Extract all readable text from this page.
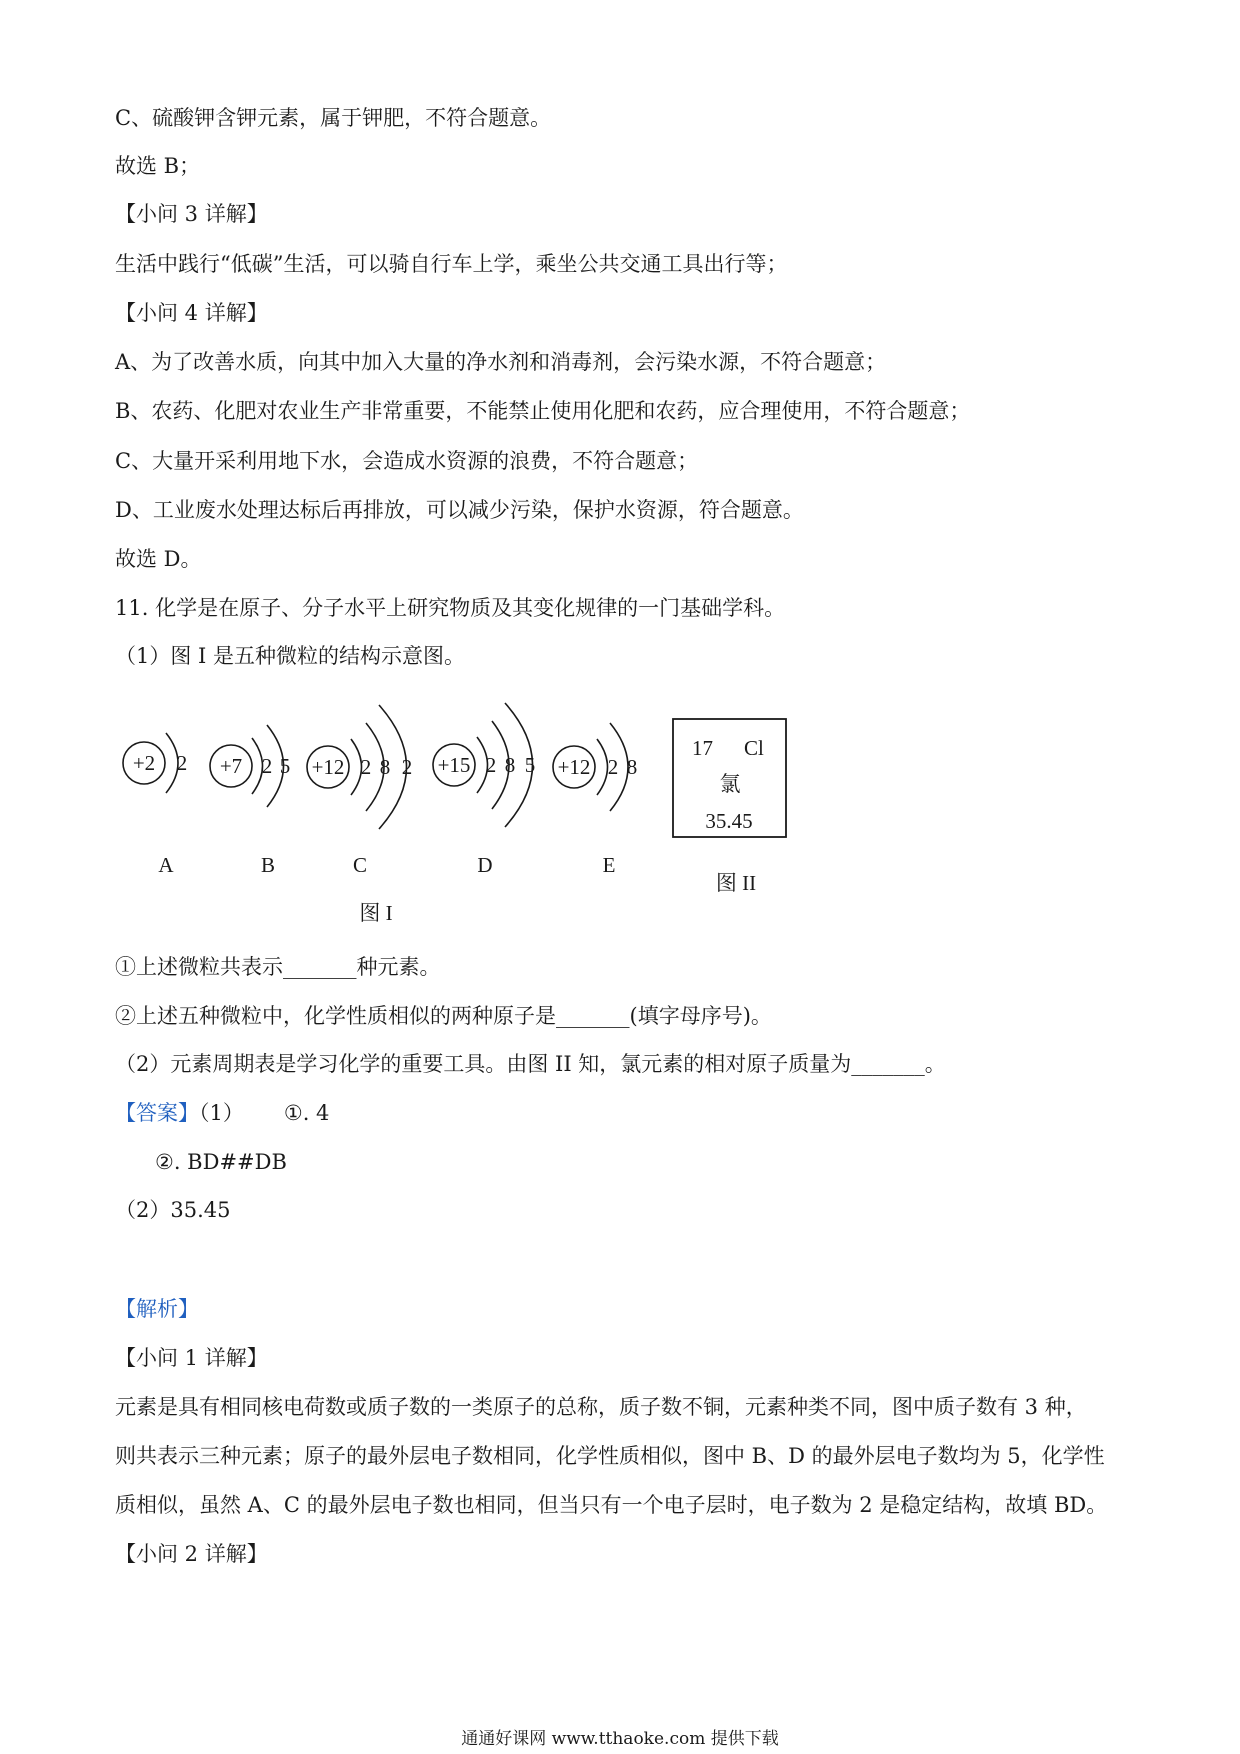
C、硫酸钾含钾元素，属于钾肥，不符合题意。
故选 B；
【小问 3 详解】
生活中践行“低碳”生活，可以骑自行车上学，乘坐公共交通工具出行等；
【小问 4 详解】
A、为了改善水质，向其中加入大量的净水剂和消毒剂，会污染水源，不符合题意；
B、农药、化肥对农业生产非常重要，不能禁止使用化肥和农药，应合理使用，不符合题意；
C、大量开采利用地下水，会造成水资源的浪费，不符合题意；
D、工业废水处理达标后再排放，可以减少污染，保护水资源，符合题意。
故选 D。
11. 化学是在原子、分子水平上研究物质及其变化规律的一门基础学科。
（1）图 I 是五种微粒的结构示意图。
+2 2 +7 2 5 +12 2 8 2 +15 2 8 5 +12 2 8
A	B	C	D	E
17 Cl
氯
35.45
图 II
图 I
①上述微粒共表示_______种元素。
②上述五种微粒中，化学性质相似的两种原子是_______(填字母序号)。
（2）元素周期表是学习化学的重要工具。由图 II 知，氯元素的相对原子质量为_______。
【答案】（1） ①. 4
②. BD##DB
（2）35.45
【解析】
【小问 1 详解】
元素是具有相同核电荷数或质子数的一类原子的总称，质子数不铜，元素种类不同，图中质子数有 3 种，
则共表示三种元素；原子的最外层电子数相同，化学性质相似，图中 B、D 的最外层电子数均为 5，化学性
质相似，虽然 A、C 的最外层电子数也相同，但当只有一个电子层时，电子数为 2 是稳定结构，故填 BD。
【小问 2 详解】
通通好课网 www.tthaoke.com 提供下载
